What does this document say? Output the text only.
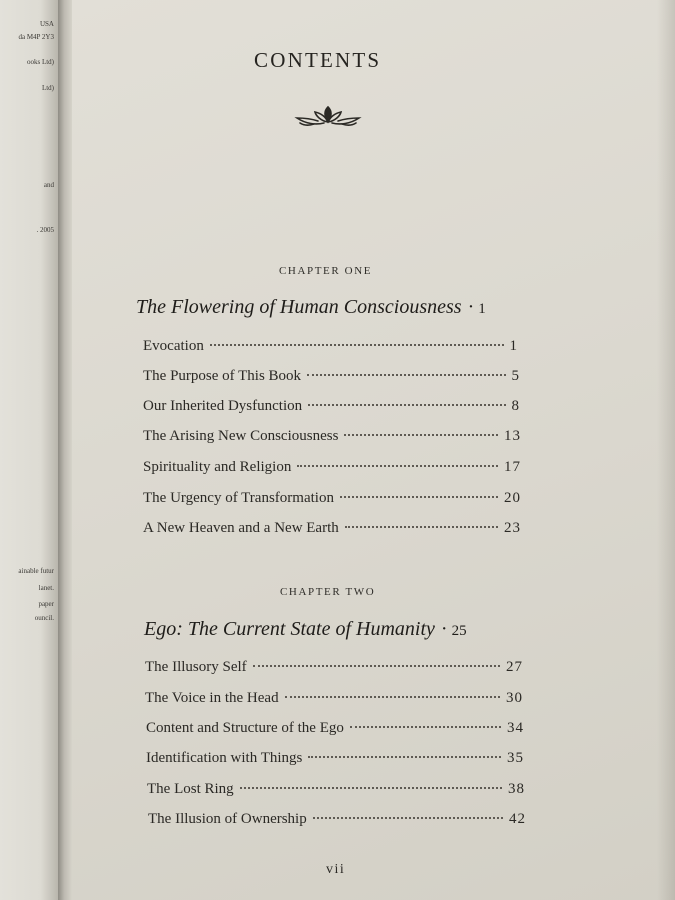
USA
da M4P 2Y3
ooks Ltd)
Ltd)
and
. 2005
ainable futur
lanet.
paper
ouncil.
CONTENTS
CHAPTER ONE
The Flowering of Human Consciousness · 1
Evocation	1
The Purpose of This Book	5
Our Inherited Dysfunction	8
The Arising New Consciousness	13
Spirituality and Religion	17
The Urgency of Transformation	20
A New Heaven and a New Earth	23
CHAPTER TWO
Ego: The Current State of Humanity · 25
The Illusory Self	27
The Voice in the Head	30
Content and Structure of the Ego	34
Identification with Things	35
The Lost Ring	38
The Illusion of Ownership	42
vii
